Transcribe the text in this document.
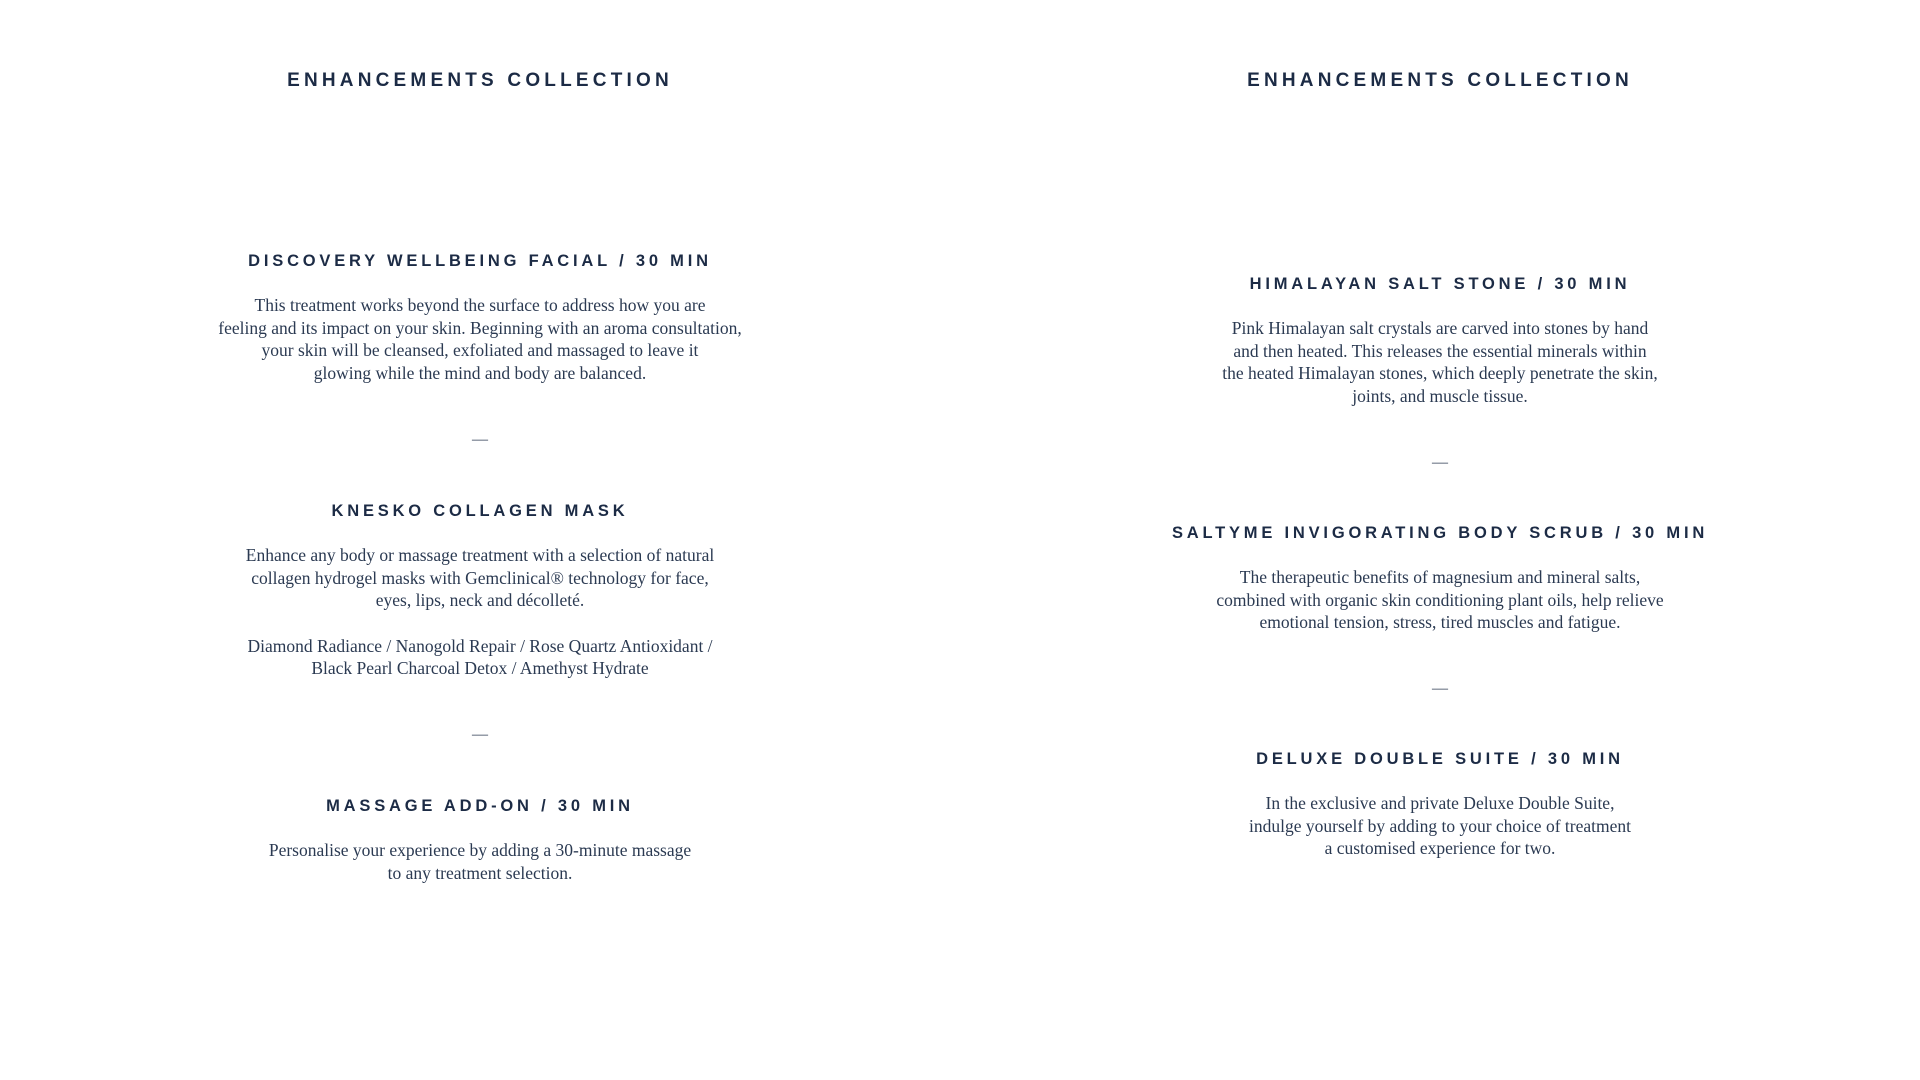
ENHANCEMENTS COLLECTION
DISCOVERY WELLBEING FACIAL / 30 MIN

This treatment works beyond the surface to address how you are
feeling and its impact on your skin. Beginning with an aroma consultation,
your skin will be cleansed, exfoliated and massaged to leave it
glowing while the mind and body are balanced.

—
KNESKO COLLAGEN MASK

Enhance any body or massage treatment with a selection of natural
collagen hydrogel masks with Gemclinical® technology for face,
eyes, lips, neck and décolleté.

Diamond Radiance / Nanogold Repair / Rose Quartz Antioxidant /
Black Pearl Charcoal Detox / Amethyst Hydrate

—
MASSAGE ADD-ON / 30 MIN

Personalise your experience by adding a 30-minute massage
to any treatment selection.

ENHANCEMENTS COLLECTION
HIMALAYAN SALT STONE / 30 MIN

Pink Himalayan salt crystals are carved into stones by hand
and then heated. This releases the essential minerals within
the heated Himalayan stones, which deeply penetrate the skin,
joints, and muscle tissue.

—
SALTYME INVIGORATING BODY SCRUB / 30 MIN

The therapeutic benefits of magnesium and mineral salts,
combined with organic skin conditioning plant oils, help relieve
emotional tension, stress, tired muscles and fatigue.

—
DELUXE DOUBLE SUITE / 30 MIN

In the exclusive and private Deluxe Double Suite,
indulge yourself by adding to your choice of treatment
a customised experience for two.
